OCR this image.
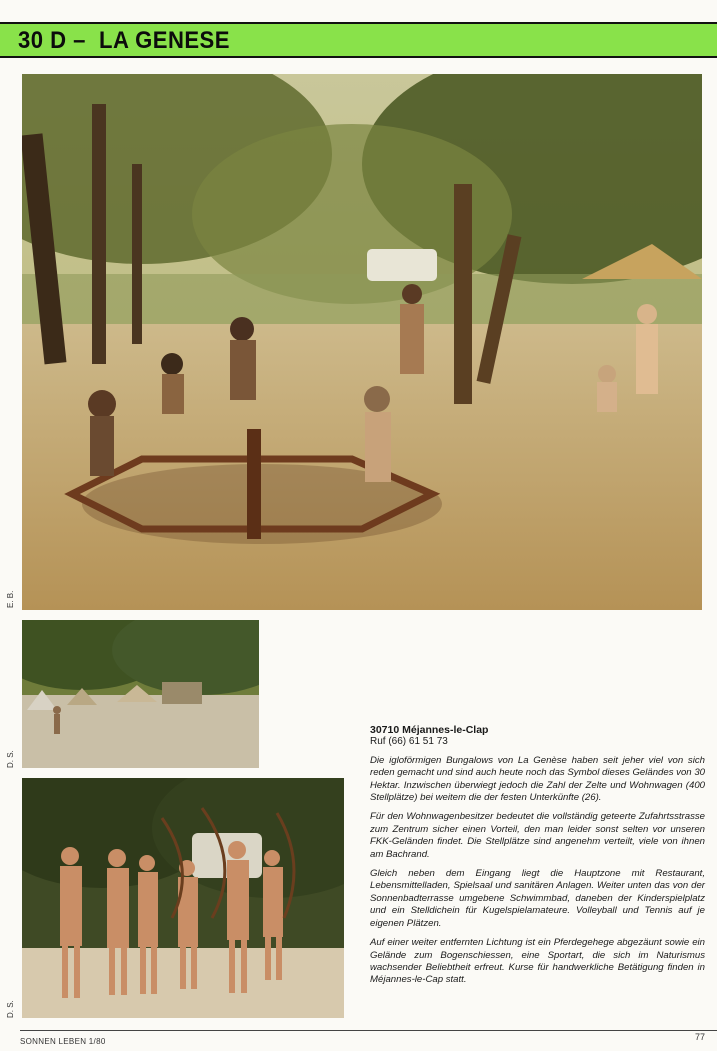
30 D –  LA GENESE
E. B.
D. S.
D. S.

30710 Méjannes-le-Clap

Ruf (66) 61 51 73

Die igloförmigen Bungalows von La Genèse haben seit jeher viel von sich reden gemacht und sind auch heute noch das Symbol dieses Geländes von 30 Hektar. Inzwischen überwiegt jedoch die Zahl der Zelte und Wohnwagen (400 Stellplätze) bei weitem die der festen Unterkünfte (26).

Für den Wohnwagenbesitzer bedeutet die vollständig geteerte Zufahrtsstrasse zum Zentrum sicher einen Vorteil, den man leider sonst selten vor unseren FKK-Geländen findet. Die Stellplätze sind angenehm verteilt, viele von ihnen am Bachrand.

Gleich neben dem Eingang liegt die Hauptzone mit Restaurant, Lebensmittelladen, Spielsaal und sanitären Anlagen. Weiter unten das von der Sonnenbadterrasse umgebene Schwimmbad, daneben der Kinderspielplatz und ein Stelldichein für Kugelspielamateure. Volleyball und Tennis auf je eigenen Plätzen.

Auf einer weiter entfernten Lichtung ist ein Pferdegehege abgezäunt sowie ein Gelände zum Bogenschiessen, eine Sportart, die sich im Naturismus wachsender Beliebtheit erfreut. Kurse für handwerkliche Betätigung finden in Méjannes-le-Cap statt.

SONNEN LEBEN 1/80	77
